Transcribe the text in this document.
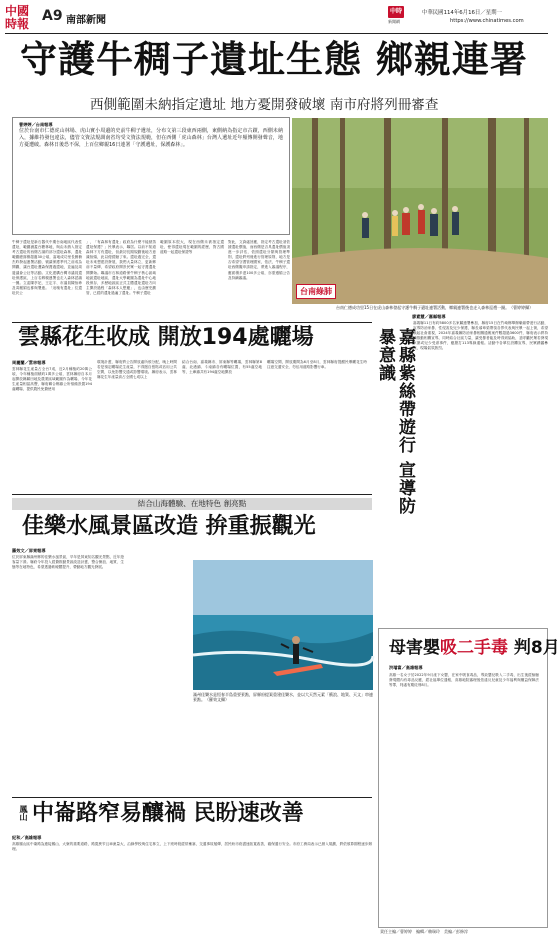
中國
時報 A9 南部新聞
中時
新聞網
中華民國114年6月16日／星期一
https://www.chinatimes.com
守護牛稠子遺址生態 鄉親連署
西側範圍未納指定遺址 地方憂開發破壞 南市府將列冊審查
曹婷婷／台南報導
位於台南市仁德虎山林場、虎山實小周邊的史前牛稠子遺址，分布文第三段東西兩側，東側納為指定市古蹟，西側未納入，據維持發包違法，儘管文資法規調南省均受文資法規範，但在西側「虎山森林」台灣人遺址近年頻傳開發聲音，地方憂遭破。森林日後恐不保，上百位鄉親16日連署「守護遺址，保護森林」。
牛稠子遺址是新石器代中期台南地區代表性遺址，範圍涵蓋台糖林地，與由未納入指定考古遺址的西側古識的部分遺址森林，遺址範圍總面積超過30公頃，當地成功里長劉楠杰昨發起連署活動，號讓保護季刊之前成為開闢，讓台遺址遭森保護過遺地，並遍及周邊議會公社等活動。文化建構台灣市議員遺址保護區，上百名鄉親連署也走入森林認識一圈。立委陳亭妃、王定宇、市議員陳怡珍及黃麗娟也都與署連。「這塊有遺址」位遺址於公
」，「有森林有遺址」政府為什麼不能納蒸遺址保護？」民眾表示，鄰居。以前不知道森林下方有遺址，但最初長期規劃後地方意識抬頭，此以便經驗了來。遺址過完全，遺址未來想建設發展，我們大量林立，更新鄉前不量傳，希望政府開設民眾一起守護遺址開開始。鄰議市石林道路保牛稠子核心區域地區遺址地區，遺址大學範圍為遺址中心地段保存，多歷地區區正式主體遺址遺址方向主開設過程「森林本人想應」，也由歷史劃管，已經的遺址過遍了遺址。牛稠子遺址
範圍原本很大，現在西側未被指定遺址，使得遺址現在範圍的經歷，對古國道路一起遺址保證等
對此，文資處回應，指定考古遺址須依據遺址價值，而西側是否具遺址價值須進一步評估，依照遺址分類與管理準則，遺址將列冊進行管理原則，地方是否希望守護管理國家，依法，牛稠子遺址西側擬申請指定，將進入審議程序，應面積多達100多公頃，亦需遵循公告及持續審議。
台南綠肺
台南仁德成功里15日在虎山森林發起守護牛稠子遺址連署活動，鄉親連署後也走入森林巡禮一圈。（曹婷婷攝）
雲縣花生收成 開放194處曬場
周麗蘭／雲林報導
雲林縣花生產量占全台7成，近2月種植約20萬公頃，今年種植面積約1萬多公頃，雲林縣府自本月起開放縣屬田地及農業區域範圍作為曬場，今年花生產量相當高豐，縣府聯合鄉鎮公所預備設置194處曬場，提供農民免費使用
環境計畫，縣府將公告開放處所預分配，晚上時間若是預定曬場花生產量，不得擅自張貼或佔用公共空間，以免影響交通或影響環境。縣府表示，雲林縣花生年產量高占全國七成以上
結合台南、嘉義縣市、屏東縣等曬場，雲林縣第8處、北港鎮、斗南鎮各有曬場位置，有55處空地等，土庫鎮共有194處空地開放
曬場空間，開放期間為6月至8月，雲林縣府提醒民眾曬花生時注意交通安全，勿佔用道路影響行車。	嘉縣紫絲帶遊行 宣導防暴意識
廖素慧／嘉縣報導
嘉義縣11日有約5800多名家屬連署參加，縣府15日在竹崎鄉舉辦紫絲帶遊行活動，宣導防治家暴、性侵害及兒少保護，縣長翁章梁帶領各界代表與民眾一起上街，希望喚起社會重視，2024年嘉義縣防治家暴相關通報案件數超過3600件，縣府表示將持續推動相關宣導，同時結合社區力量，讓受暴者能及時得到協助，並呼籲民眾若發現家暴或兒少受虐事件，應撥打113專線通報。活動中各單位設攤宣導，民眾踴躍參與，現場氣氛熱烈。
結合山海體驗、在地特色 創亮點
佳樂水風景區改造 拚重振觀光
羅效文／屏東報導
位於屏東縣滿州鄉的佳樂水風景區，早年是屏東知名觀光景點，近年遊客量下滑。縣府今年投入經費推動景區改造計畫，整合衝浪、地質、生態等在地特色，希望透過軟硬體提升，帶動地方觀光發展。
滿州佳樂水是恆春半島重要景點，屏縣府提案重建佳樂水，並以大天然元素「衝浪、地質、天文」串連景點。（羅效文攝）
鳳山 中崙路窄易釀禍 民盼速改善
紀和／高雄報導
高雄鳳山區中崙路為連接鳳山、大寮的重要道路，路寬狹窄且車流量大，沿線學校與住宅林立，上下班時段經常壅塞，交通事故頻傳，居民盼市府盡速拓寬改善，確保通行安全。市府工務局表示已納入規劃，將依預算期程逐步辦理。
母害嬰吸二手毒 判8月
洪璿富／高雄報導
高雄一名女子於2022年9月產下女嬰，在家中吸食毒品，導致嬰兒吸入二手毒，出生後經檢驗發現體內有毒品反應，經社福單位通報，高雄地院審理後依違反兒童及少年福利與權益保障法等罪，判處有期徒刑8月。
責任主編／曹婷婷　編輯／賴瑞玲　美編／彭修淳
